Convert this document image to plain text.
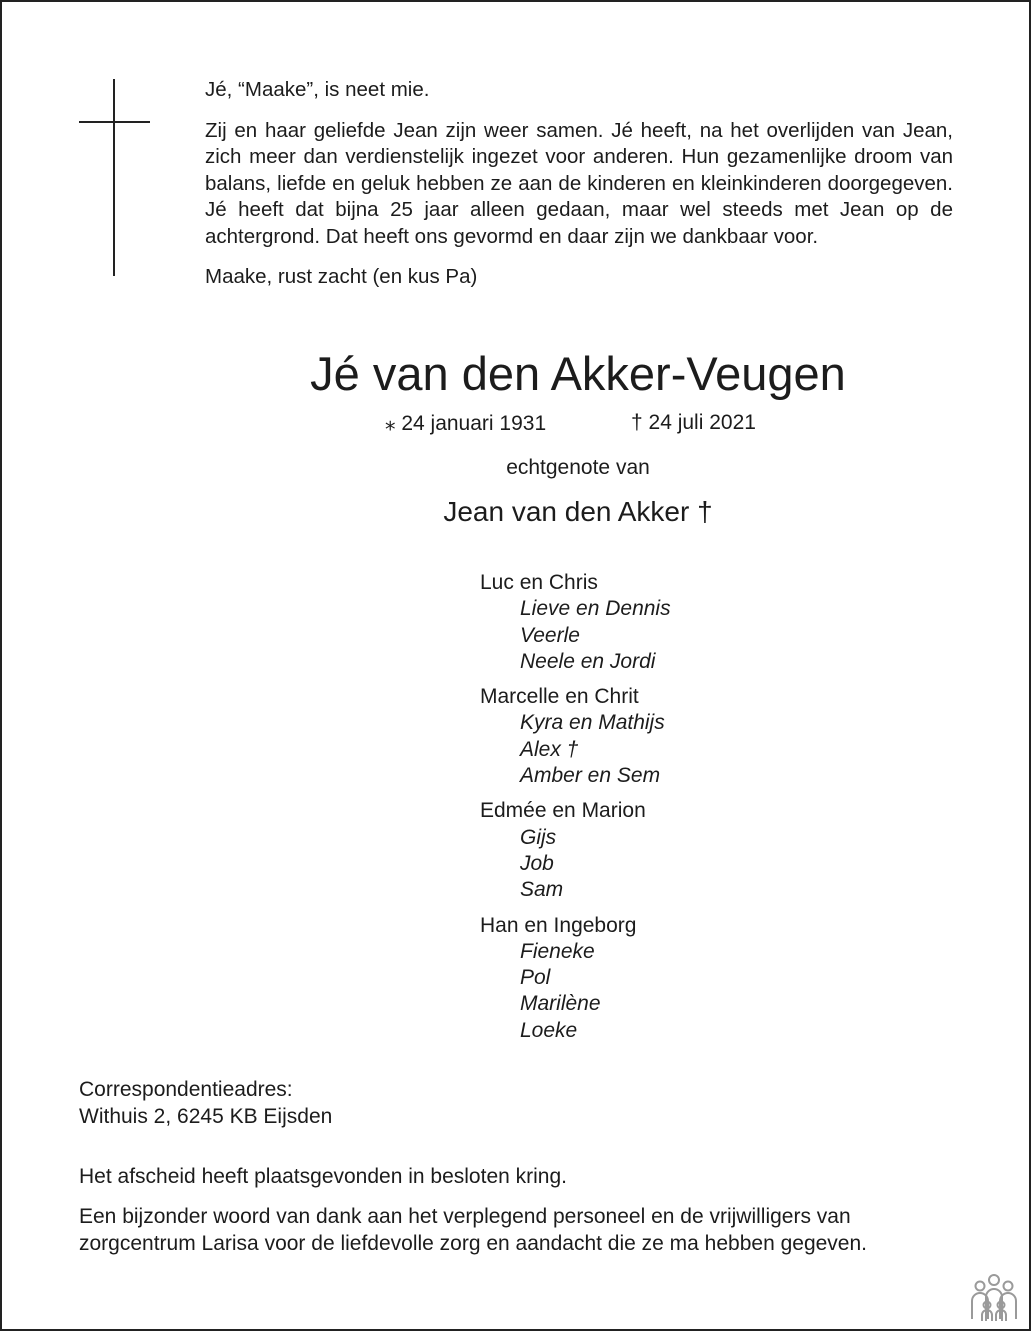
Jé, “Maake”, is neet mie.

Zij en haar geliefde Jean zijn weer samen. Jé heeft, na het overlijden van Jean, zich meer dan verdienstelijk ingezet voor anderen. Hun gezamenlijke droom van balans, liefde en geluk hebben ze aan de kinderen en kleinkinderen doorgegeven. Jé heeft dat bijna 25 jaar alleen gedaan, maar wel steeds met Jean op de achtergrond. Dat heeft ons gevormd en daar zijn we dankbaar voor.

Maake, rust zacht (en kus Pa)

Jé van den Akker-Veugen
⁎ 24 januari 1931	† 24 juli 2021
echtgenote van
Jean van den Akker †
Luc en Chris
Lieve en Dennis
Veerle
Neele en Jordi
Marcelle en Chrit
Kyra en Mathijs
Alex †
Amber en Sem
Edmée en Marion
Gijs
Job
Sam
Han en Ingeborg
Fieneke
Pol
Marilène
Loeke
Correspondentieadres:
Withuis 2, 6245 KB Eijsden

Het afscheid heeft plaatsgevonden in besloten kring.

Een bijzonder woord van dank aan het verplegend personeel en de vrijwilligers van zorgcentrum Larisa voor de liefdevolle zorg en aandacht die ze ma hebben gegeven.
